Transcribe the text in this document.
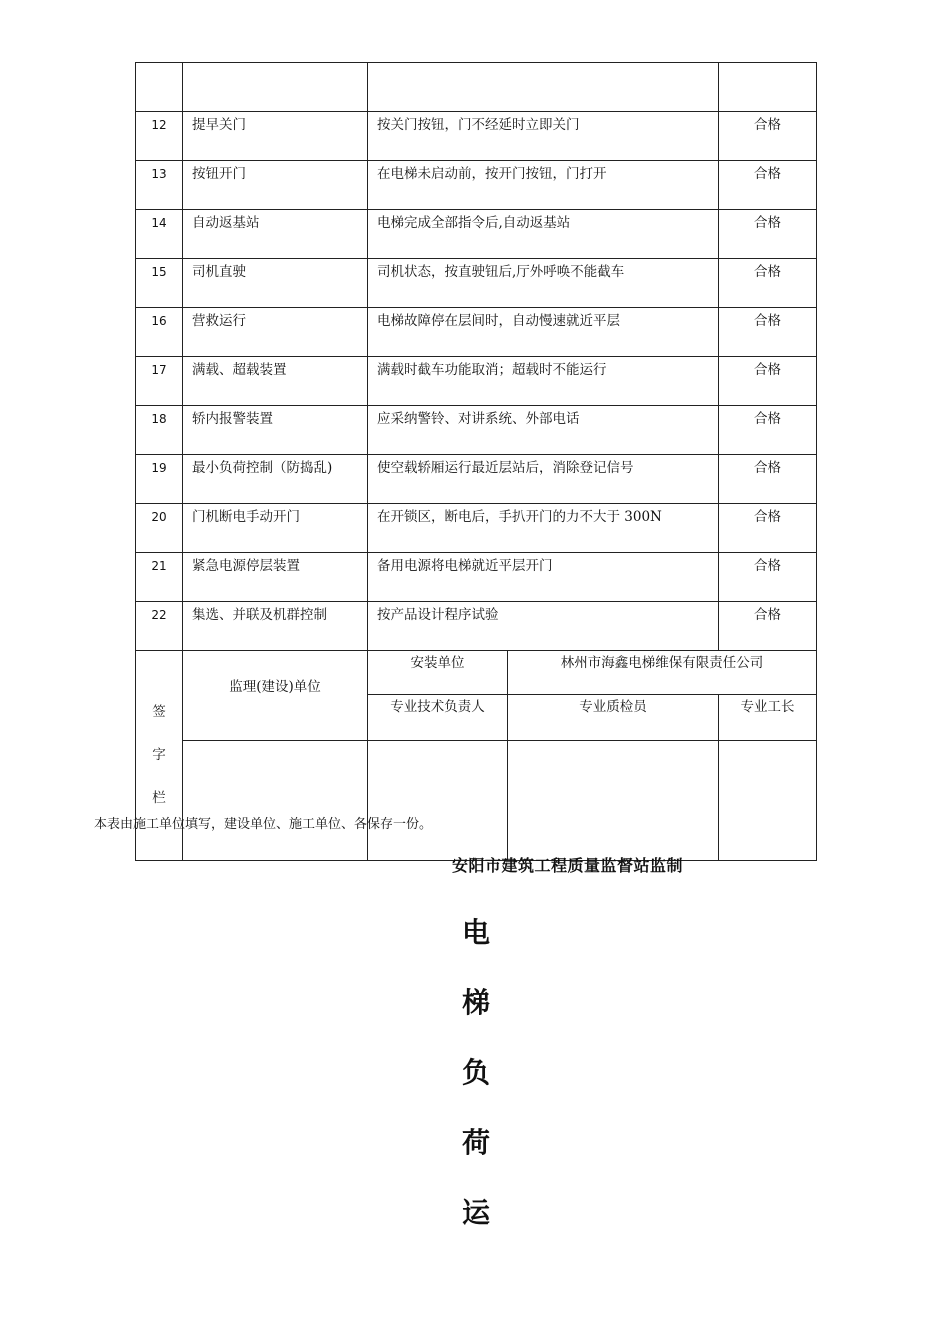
12	提早关门	按关门按钮，门不经延时立即关门		合格
13	按钮开门	在电梯未启动前，按开门按钮，门打开		合格
14	自动返基站	电梯完成全部指令后,自动返基站		合格
15	司机直驶	司机状态，按直驶钮后,厅外呼唤不能截车		合格
16	营救运行	电梯故障停在层间时，自动慢速就近平层		合格
17	满载、超载装置	满载时截车功能取消；超载时不能运行		合格
18	轿内报警装置	应采纳警铃、对讲系统、外部电话		合格
19	最小负荷控制（防捣乱)	使空载轿厢运行最近层站后，消除登记信号		合格
20	门机断电手动开门	在开锁区，断电后，手扒开门的力不大于 300N		合格
21	紧急电源停层装置	备用电源将电梯就近平层开门		合格
22	集选、并联及机群控制	按产品设计程序试验		合格

签
字
栏	监理(建设)单位	安装单位	林州市海鑫电梯维保有限责任公司	
		专业技术负责人	专业质检员	专业工长

本表由施工单位填写，建设单位、施工单位、各保存一份。
安阳市建筑工程质量监督站监制
电
梯
负
荷
运
